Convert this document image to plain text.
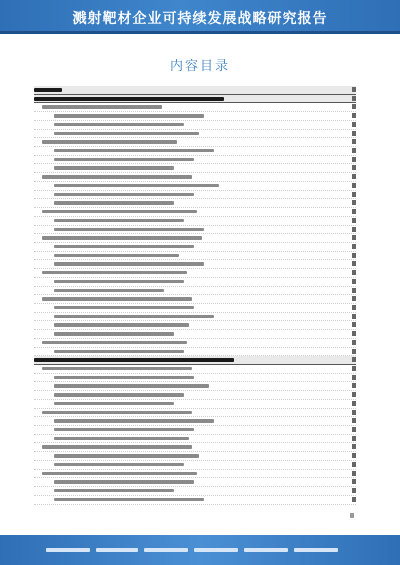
溅射靶材企业可持续发展战略研究报告
内容目录
